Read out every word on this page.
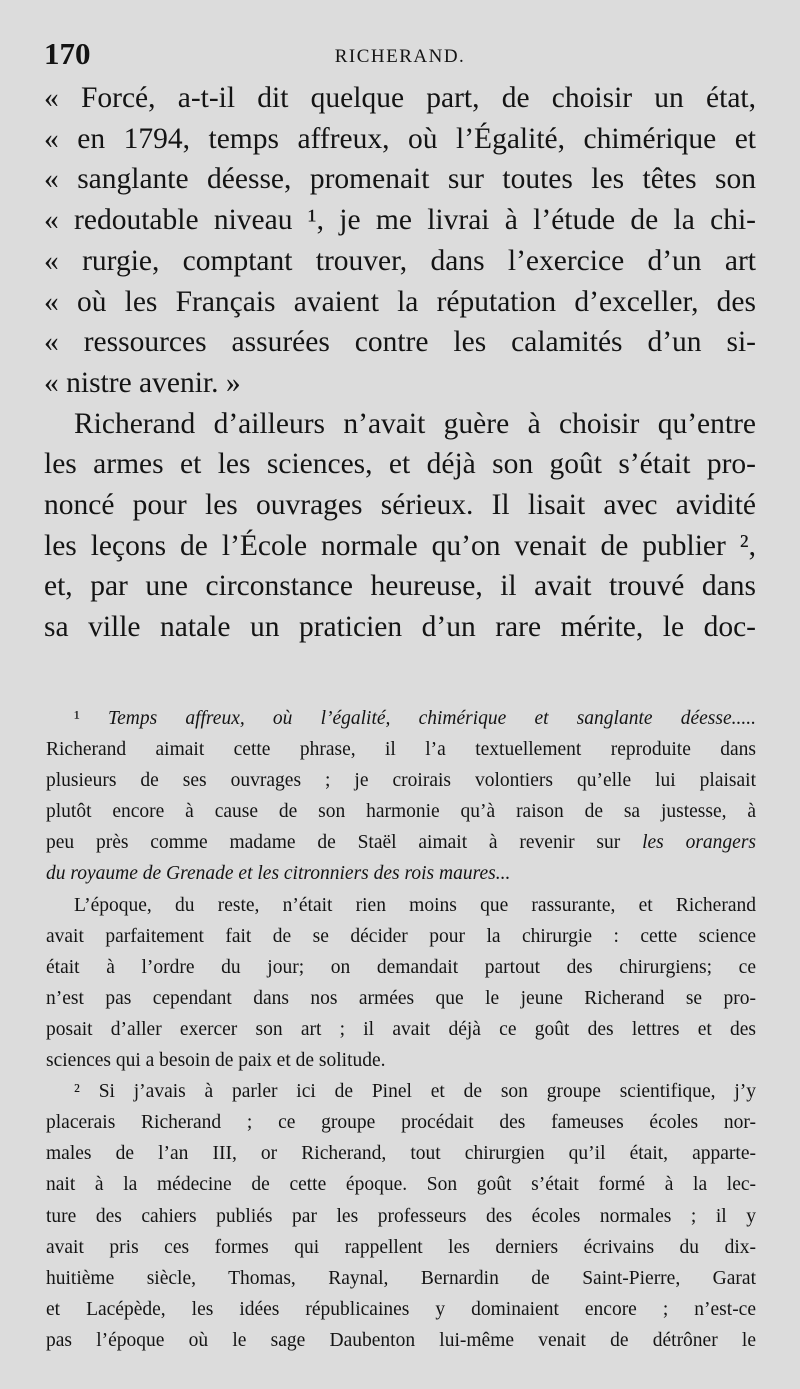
170	RICHERAND.
« Forcé, a-t-il dit quelque part, de choisir un état,
« en 1794, temps affreux, où l’Égalité, chimérique et
« sanglante déesse, promenait sur toutes les têtes son
« redoutable niveau ¹, je me livrai à l’étude de la chi-
« rurgie, comptant trouver, dans l’exercice d’un art
« où les Français avaient la réputation d’exceller, des
« ressources assurées contre les calamités d’un si-
« nistre avenir. »
Richerand d’ailleurs n’avait guère à choisir qu’entre
les armes et les sciences, et déjà son goût s’était pro-
noncé pour les ouvrages sérieux. Il lisait avec avidité
les leçons de l’École normale qu’on venait de publier ²,
et, par une circonstance heureuse, il avait trouvé dans
sa ville natale un praticien d’un rare mérite, le doc-
¹ Temps affreux, où l’égalité, chimérique et sanglante déesse.....
Richerand aimait cette phrase, il l’a textuellement reproduite dans
plusieurs de ses ouvrages ; je croirais volontiers qu’elle lui plaisait
plutôt encore à cause de son harmonie qu’à raison de sa justesse, à
peu près comme madame de Staël aimait à revenir sur les orangers
du royaume de Grenade et les citronniers des rois maures...
L’époque, du reste, n’était rien moins que rassurante, et Richerand
avait parfaitement fait de se décider pour la chirurgie : cette science
était à l’ordre du jour; on demandait partout des chirurgiens; ce
n’est pas cependant dans nos armées que le jeune Richerand se pro-
posait d’aller exercer son art ; il avait déjà ce goût des lettres et des
sciences qui a besoin de paix et de solitude.
² Si j’avais à parler ici de Pinel et de son groupe scientifique, j’y
placerais Richerand ; ce groupe procédait des fameuses écoles nor-
males de l’an III, or Richerand, tout chirurgien qu’il était, apparte-
nait à la médecine de cette époque. Son goût s’était formé à la lec-
ture des cahiers publiés par les professeurs des écoles normales ; il y
avait pris ces formes qui rappellent les derniers écrivains du dix-
huitième siècle, Thomas, Raynal, Bernardin de Saint-Pierre, Garat
et Lacépède, les idées républicaines y dominaient encore ; n’est-ce
pas l’époque où le sage Daubenton lui-même venait de détrôner le
